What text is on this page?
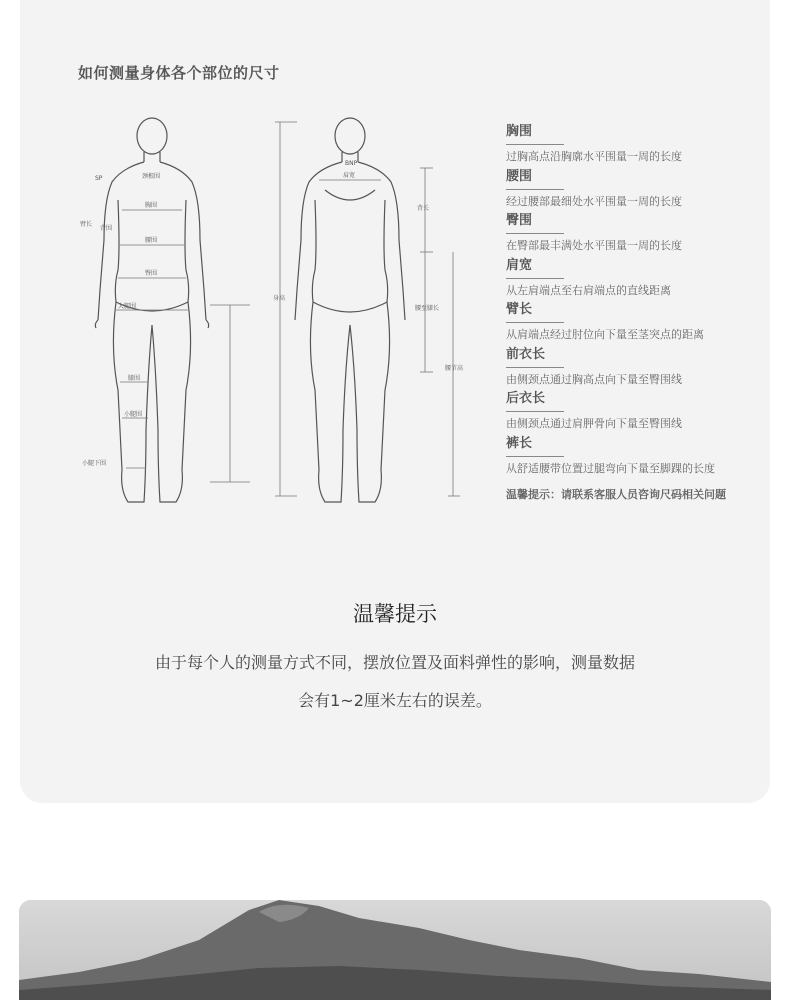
如何测量身体各个部位的尺寸
SP	颈根围
胸围
臂长
背围
腰围
臀围
大腿围
膝围
小腿围
小腿下围
BNP
肩宽
背长
身高
腰至膝长
腰节高
胸围
过胸高点沿胸廓水平围量一周的长度
腰围
经过腰部最细处水平围量一周的长度
臀围
在臀部最丰满处水平围量一周的长度
肩宽
从左肩端点至右肩端点的直线距离
臂长
从肩端点经过肘位向下量至茎突点的距离
前衣长
由侧颈点通过胸高点向下量至臀围线
后衣长
由侧颈点通过肩胛骨向下量至臀围线
裤长
从舒适腰带位置过腿弯向下量至脚踝的长度
温馨提示：请联系客服人员咨询尺码相关问题
温馨提示
由于每个人的测量方式不同，摆放位置及面料弹性的影响，测量数据
会有1~2厘米左右的误差。
